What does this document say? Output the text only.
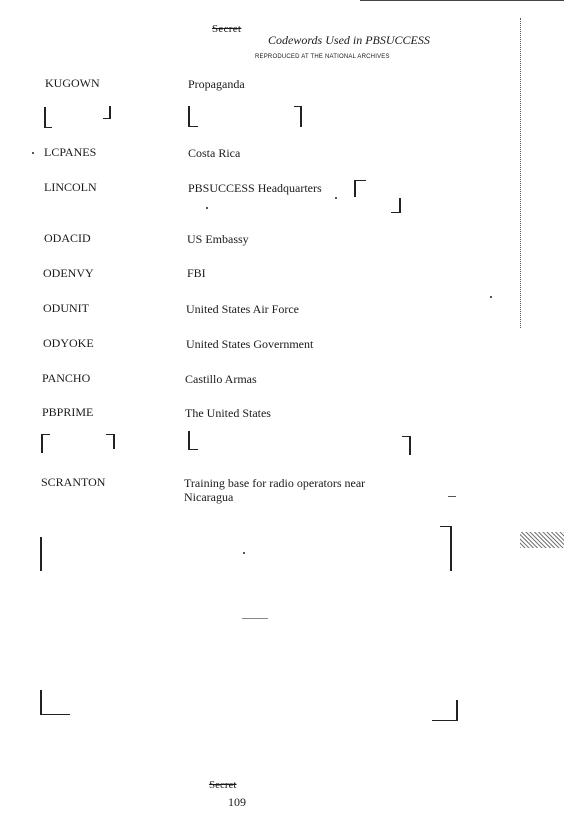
Secret
Codewords Used in PBSUCCESS
REPRODUCED AT THE NATIONAL ARCHIVES
KUGOWN	Propaganda
LCPANES	Costa Rica
LINCOLN	PBSUCCESS Headquarters
ODACID	US Embassy
ODENVY	FBI
ODUNIT	United States Air Force
ODYOKE	United States Government
PANCHO	Castillo Armas
PBPRIME	The United States
SCRANTON	Training base for radio operators near Nicaragua
Secret
109
